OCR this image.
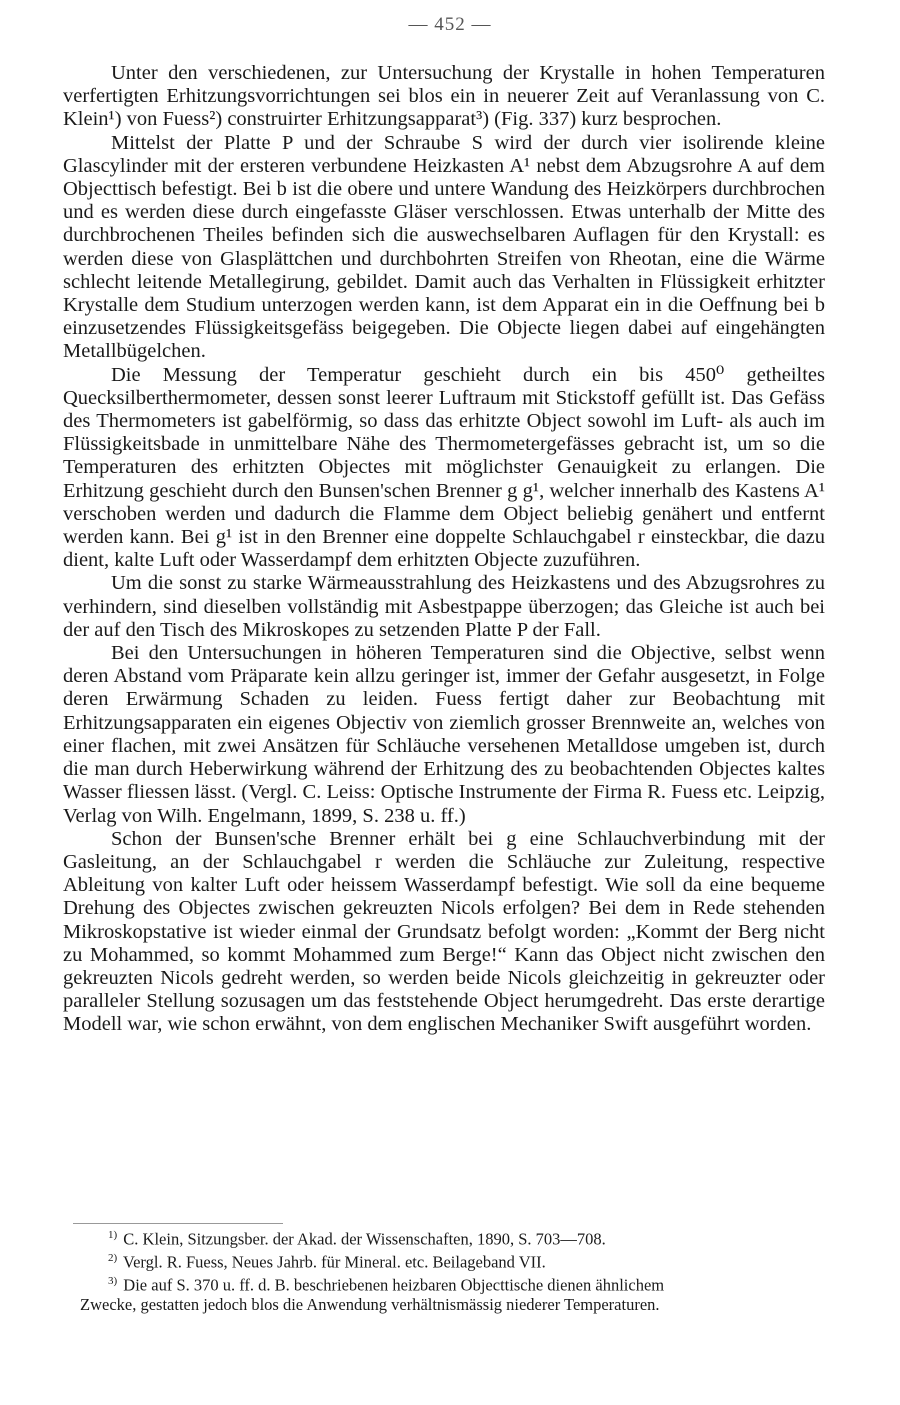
— 452 —

Unter den verschiedenen, zur Untersuchung der Krystalle in hohen Temperaturen verfertigten Erhitzungsvorrichtungen sei blos ein in neuerer Zeit auf Veranlassung von C. Klein¹) von Fuess²) construirter Erhitzungsapparat³) (Fig. 337) kurz besprochen.

Mittelst der Platte P und der Schraube S wird der durch vier isolirende kleine Glascylinder mit der ersteren verbundene Heizkasten A¹ nebst dem Abzugsrohre A auf dem Objecttisch befestigt. Bei b ist die obere und untere Wandung des Heizkörpers durchbrochen und es werden diese durch eingefasste Gläser verschlossen. Etwas unterhalb der Mitte des durchbrochenen Theiles befinden sich die auswechselbaren Auflagen für den Krystall: es werden diese von Glasplättchen und durchbohrten Streifen von Rheotan, eine die Wärme schlecht leitende Metallegirung, gebildet. Damit auch das Verhalten in Flüssigkeit erhitzter Krystalle dem Studium unterzogen werden kann, ist dem Apparat ein in die Oeffnung bei b einzusetzendes Flüssigkeitsgefäss beigegeben. Die Objecte liegen dabei auf eingehängten Metallbügelchen.

Die Messung der Temperatur geschieht durch ein bis 450⁰ getheiltes Quecksilberthermometer, dessen sonst leerer Luftraum mit Stickstoff gefüllt ist. Das Gefäss des Thermometers ist gabelförmig, so dass das erhitzte Object sowohl im Luft- als auch im Flüssigkeitsbade in unmittelbare Nähe des Thermometergefässes gebracht ist, um so die Temperaturen des erhitzten Objectes mit möglichster Genauigkeit zu erlangen. Die Erhitzung geschieht durch den Bunsen'schen Brenner g g¹, welcher innerhalb des Kastens A¹ verschoben werden und dadurch die Flamme dem Object beliebig genähert und entfernt werden kann. Bei g¹ ist in den Brenner eine doppelte Schlauchgabel r einsteckbar, die dazu dient, kalte Luft oder Wasserdampf dem erhitzten Objecte zuzuführen.

Um die sonst zu starke Wärmeausstrahlung des Heizkastens und des Abzugsrohres zu verhindern, sind dieselben vollständig mit Asbestpappe überzogen; das Gleiche ist auch bei der auf den Tisch des Mikroskopes zu setzenden Platte P der Fall.

Bei den Untersuchungen in höheren Temperaturen sind die Objective, selbst wenn deren Abstand vom Präparate kein allzu geringer ist, immer der Gefahr ausgesetzt, in Folge deren Erwärmung Schaden zu leiden. Fuess fertigt daher zur Beobachtung mit Erhitzungsapparaten ein eigenes Objectiv von ziemlich grosser Brennweite an, welches von einer flachen, mit zwei Ansätzen für Schläuche versehenen Metalldose umgeben ist, durch die man durch Heberwirkung während der Erhitzung des zu beobachtenden Objectes kaltes Wasser fliessen lässt. (Vergl. C. Leiss: Optische Instrumente der Firma R. Fuess etc. Leipzig, Verlag von Wilh. Engelmann, 1899, S. 238 u. ff.)

Schon der Bunsen'sche Brenner erhält bei g eine Schlauchverbindung mit der Gasleitung, an der Schlauchgabel r werden die Schläuche zur Zuleitung, respective Ableitung von kalter Luft oder heissem Wasserdampf befestigt. Wie soll da eine bequeme Drehung des Objectes zwischen gekreuzten Nicols erfolgen? Bei dem in Rede stehenden Mikroskopstative ist wieder einmal der Grundsatz befolgt worden: „Kommt der Berg nicht zu Mohammed, so kommt Mohammed zum Berge!“ Kann das Object nicht zwischen den gekreuzten Nicols gedreht werden, so werden beide Nicols gleichzeitig in gekreuzter oder paralleler Stellung sozusagen um das feststehende Object herumgedreht. Das erste derartige Modell war, wie schon erwähnt, von dem englischen Mechaniker Swift ausgeführt worden.

$^{1)}$ C. Klein, Sitzungsber. der Akad. der Wissenschaften, 1890, S. 703—708.
$^{2)}$ Vergl. R. Fuess, Neues Jahrb. für Mineral. etc. Beilageband VII.
$^{3)}$ Die auf S. 370 u. ff. d. B. beschriebenen heizbaren Objecttische dienen ähnlichem
Zwecke, gestatten jedoch blos die Anwendung verhältnismässig niederer Temperaturen.
